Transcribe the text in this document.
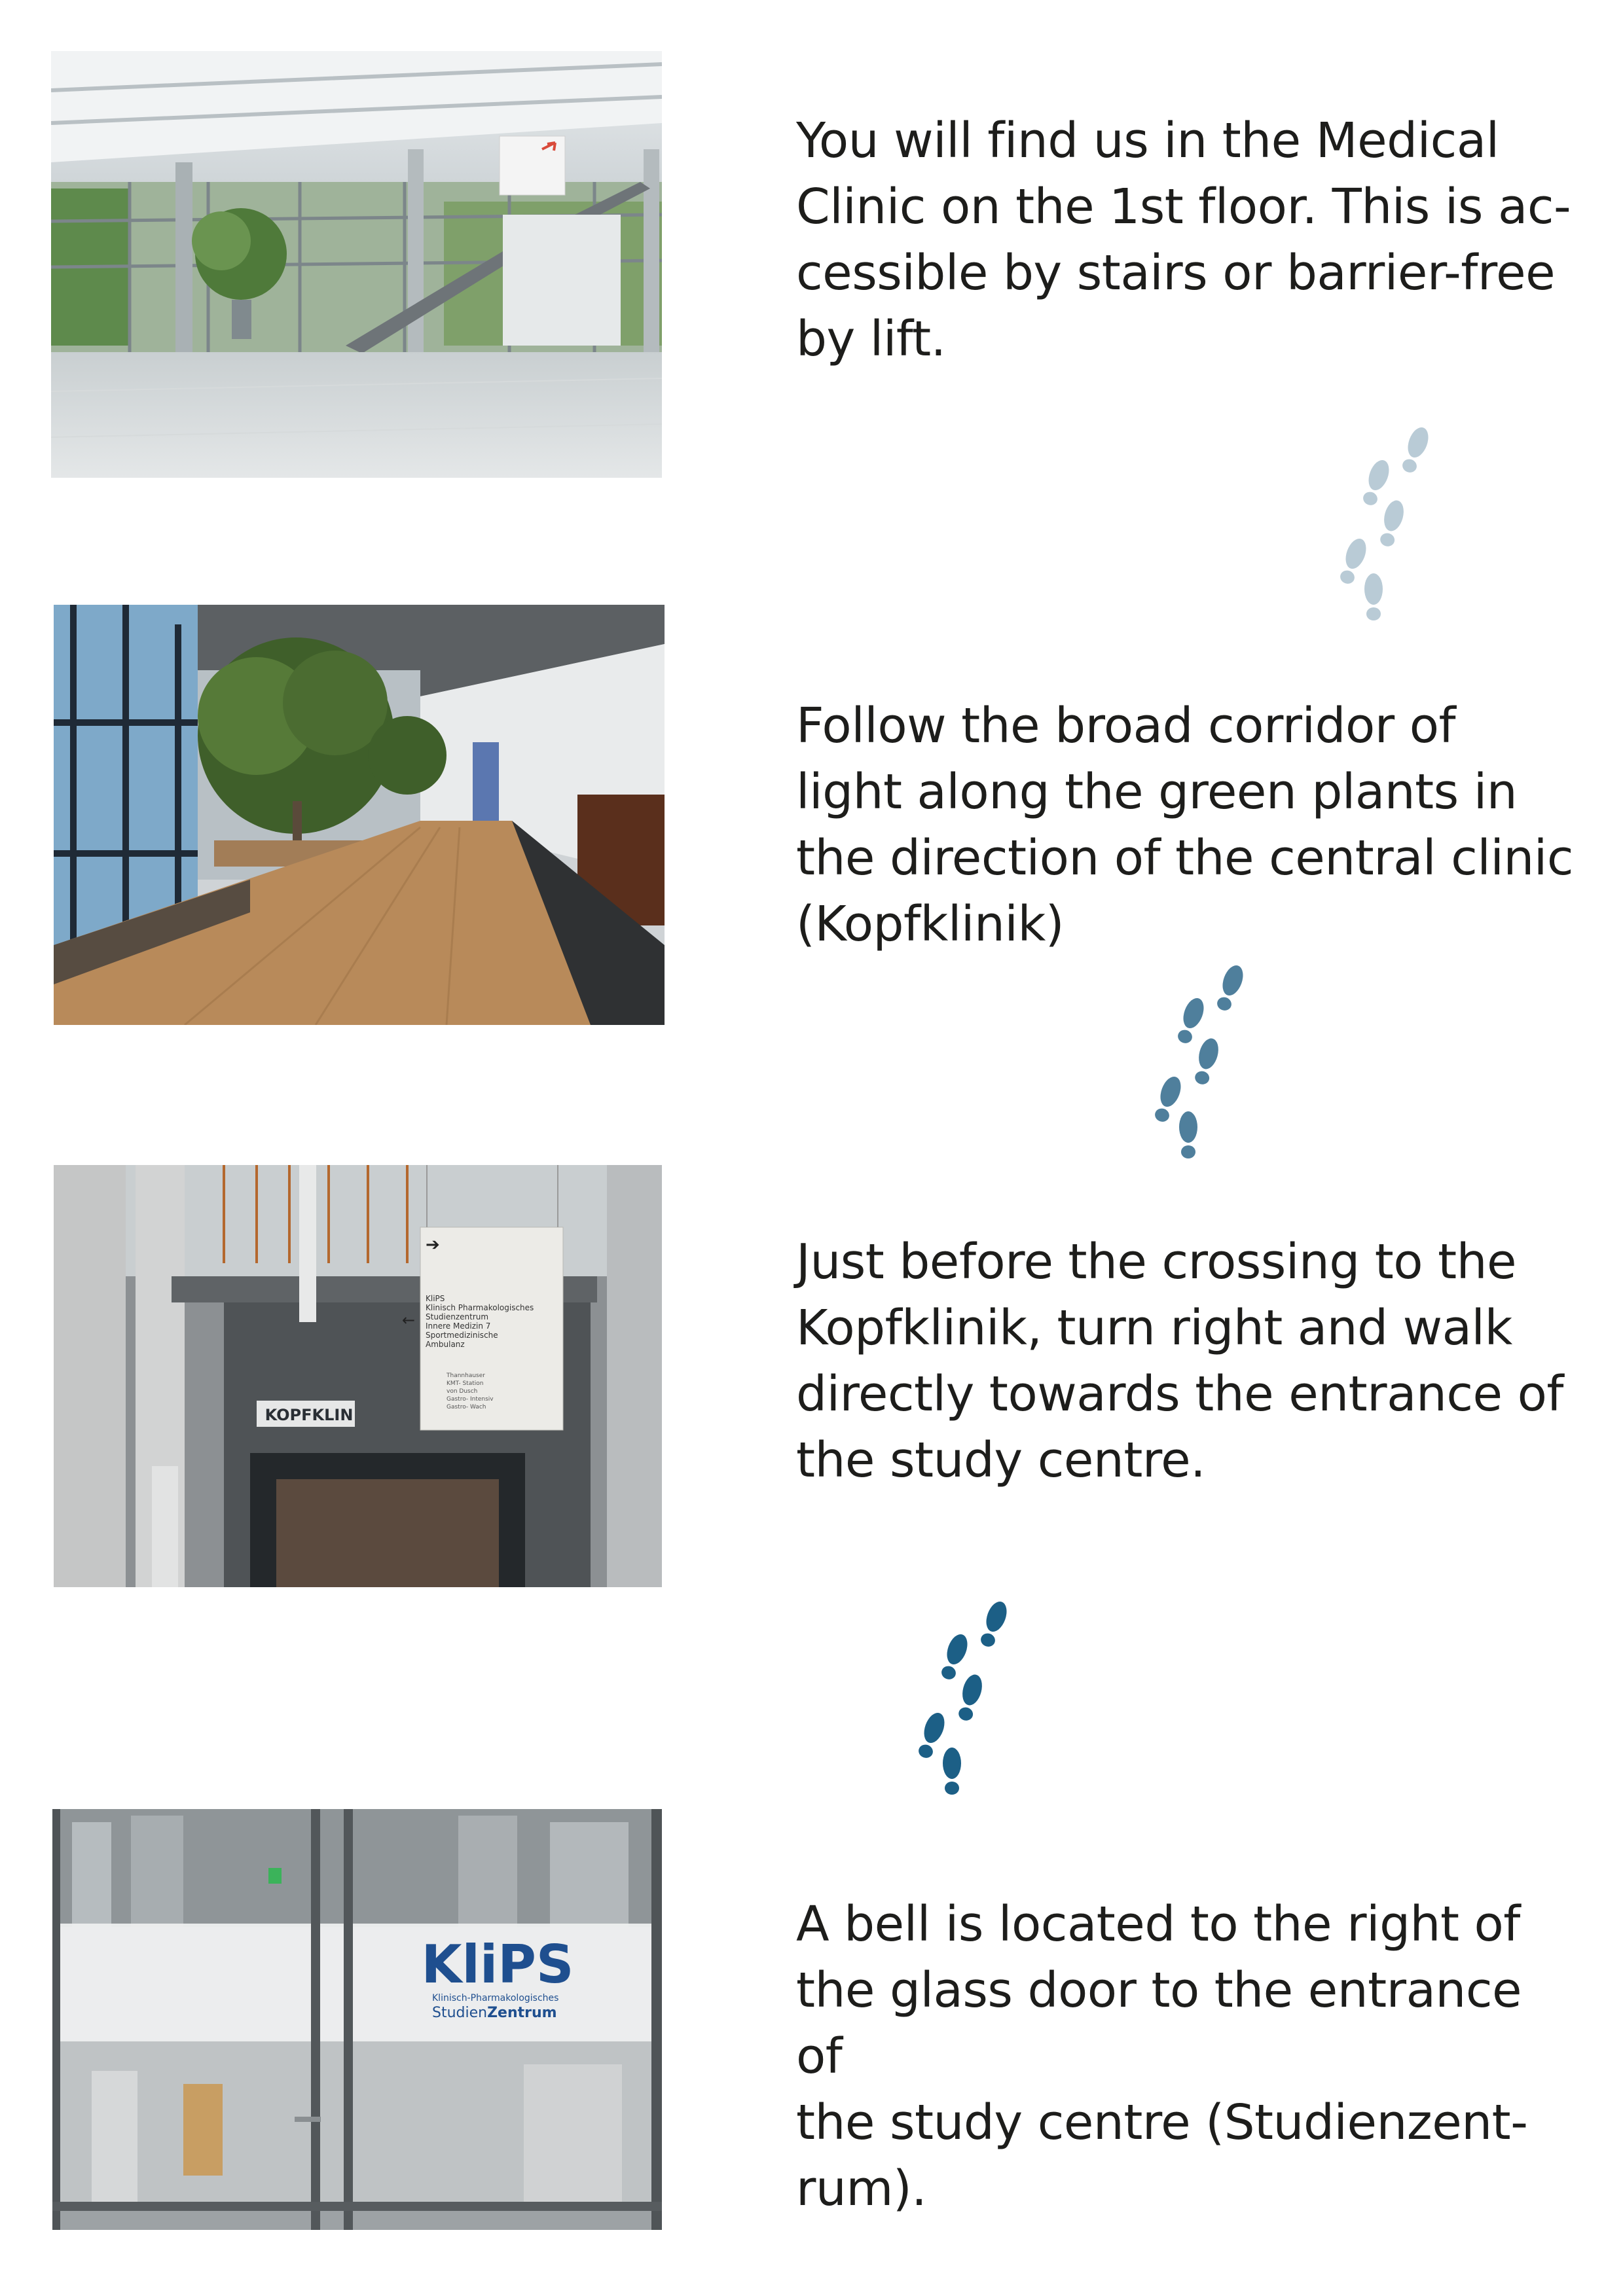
You will find us in the Medical
Clinic on the 1st floor. This is ac-
cessible by stairs or barrier-free
by lift.

Follow the broad corridor of
light along the green plants in
the direction of the central clinic
(Kopfklinik)

KOPFKLIN
➔
←
KliPS
Klinisch Pharmakologisches
Studienzentrum
Innere Medizin 7
Sportmedizinische
Ambulanz
Thannhauser
KMT- Station
von Dusch
Gastro- Intensiv
Gastro- Wach

Just before the crossing to the
Kopfklinik, turn right and walk
directly towards the entrance of
the study centre.

KliPS
Klinisch-Pharmakologisches
StudienZentrum

A bell is located to the right of
the glass door to the entrance of
the study centre (Studienzent-
rum).
